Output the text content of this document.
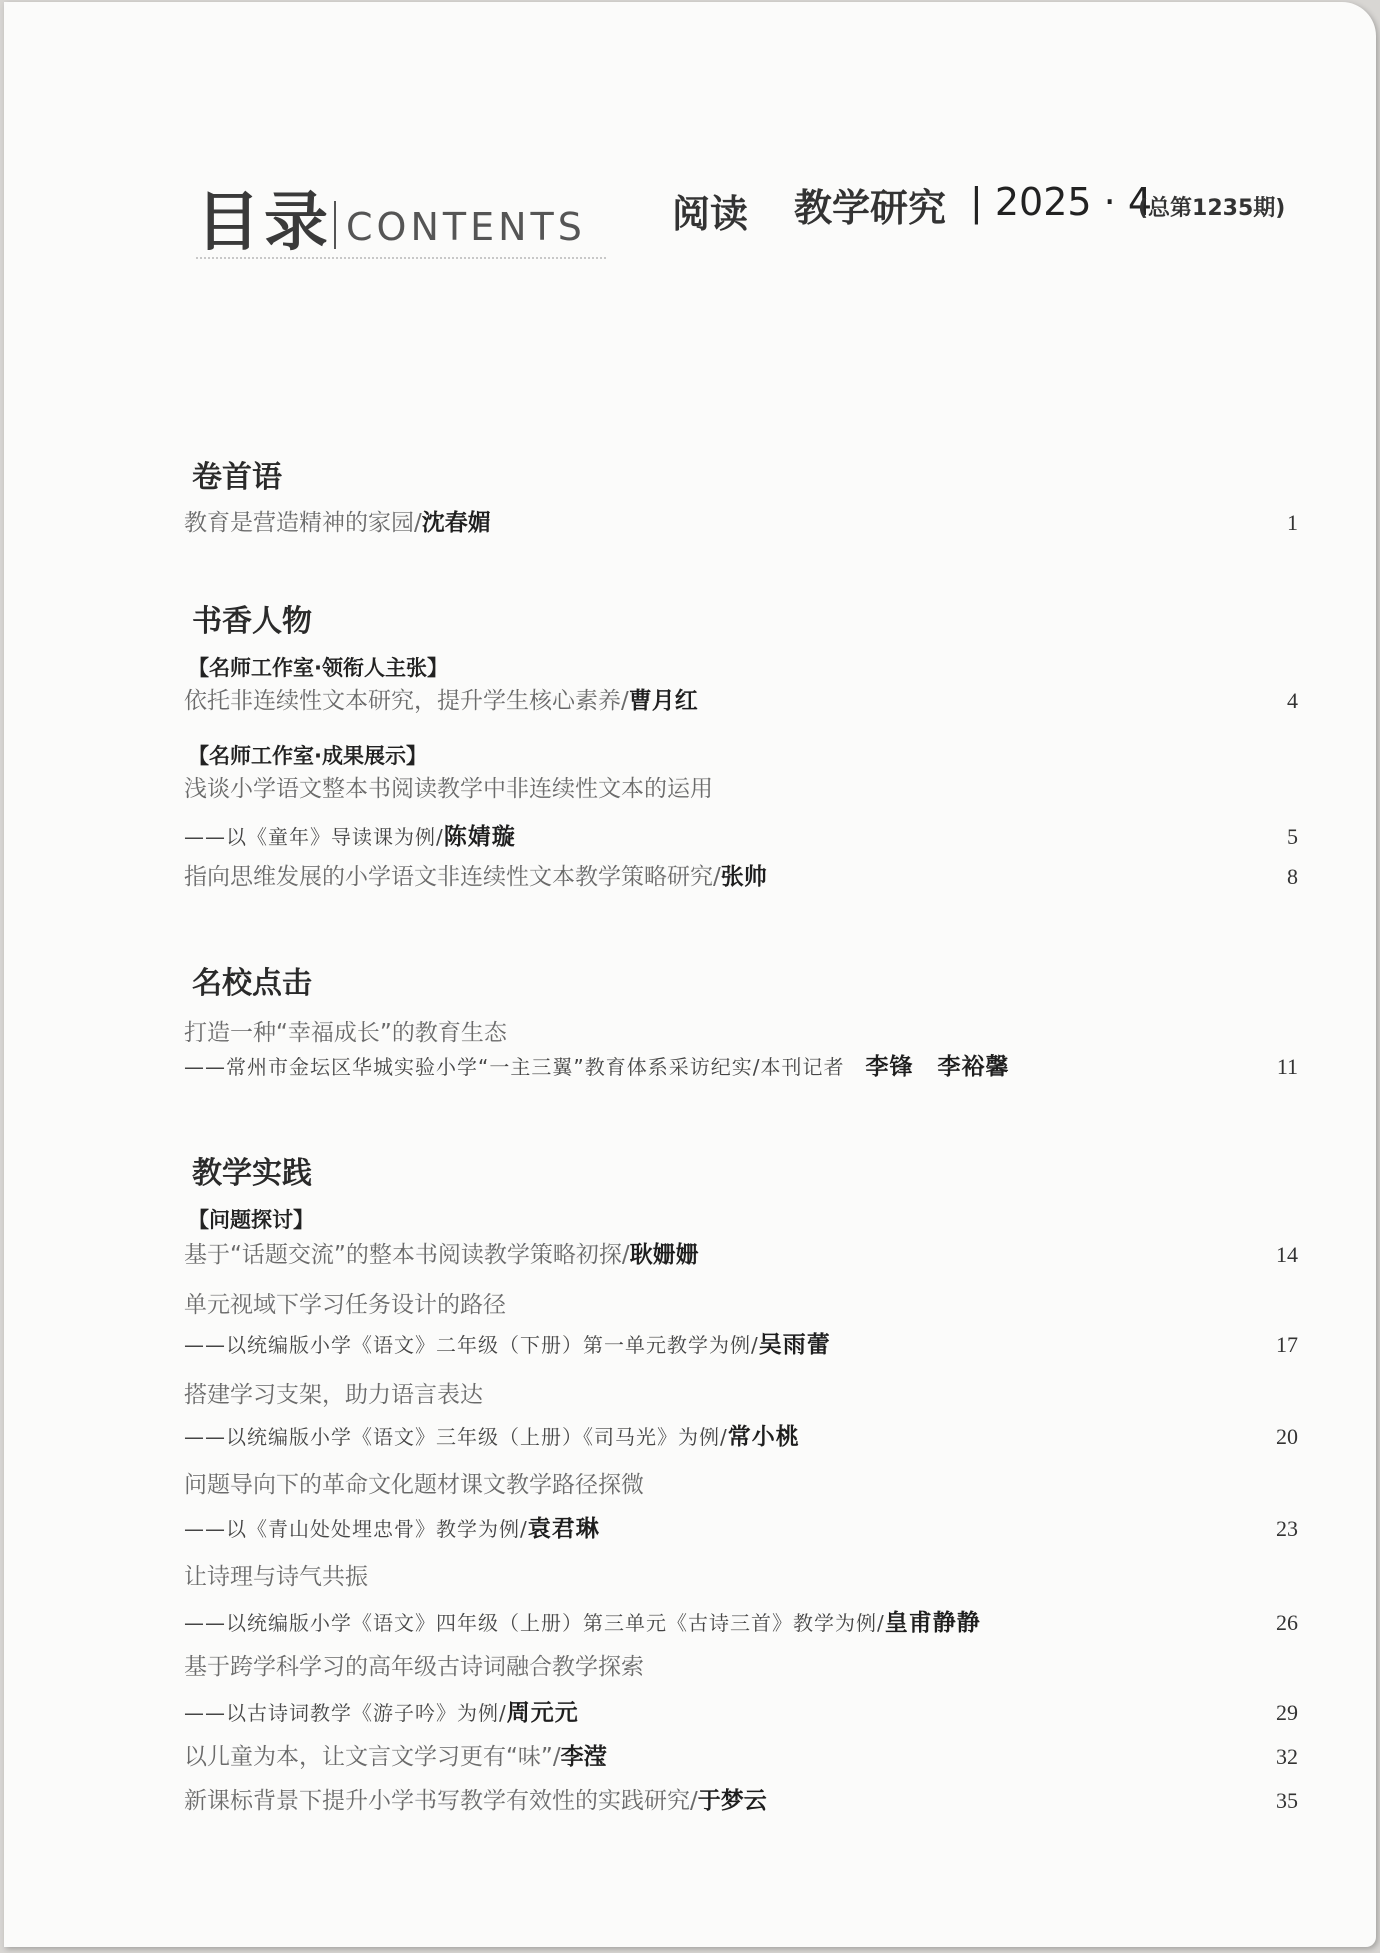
目录 CONTENTS 阅读 教学研究 | 2025 · 4
(总第1235期)
卷首语
教育是营造精神的家园/沈春媚	1
书香人物
【名师工作室·领衔人主张】
依托非连续性文本研究，提升学生核心素养/曹月红	4
【名师工作室·成果展示】
浅谈小学语文整本书阅读教学中非连续性文本的运用
——以《童年》导读课为例/陈婧璇	5
指向思维发展的小学语文非连续性文本教学策略研究/张帅	8
名校点击
打造一种“幸福成长”的教育生态
——常州市金坛区华城实验小学“一主三翼”教育体系采访纪实/本刊记者　 李锋　李裕馨	11
教学实践
【问题探讨】
基于“话题交流”的整本书阅读教学策略初探/耿姗姗	14
单元视域下学习任务设计的路径
——以统编版小学《语文》二年级（下册）第一单元教学为例/吴雨蕾	17
搭建学习支架，助力语言表达
——以统编版小学《语文》三年级（上册）《司马光》为例/常小桃	20
问题导向下的革命文化题材课文教学路径探微
——以《青山处处埋忠骨》教学为例/袁君琳	23
让诗理与诗气共振
——以统编版小学《语文》四年级（上册）第三单元《古诗三首》教学为例/皇甫静静	26
基于跨学科学习的高年级古诗词融合教学探索
——以古诗词教学《游子吟》为例/周元元	29
以儿童为本，让文言文学习更有“味”/李滢	32
新课标背景下提升小学书写教学有效性的实践研究/于梦云	35
